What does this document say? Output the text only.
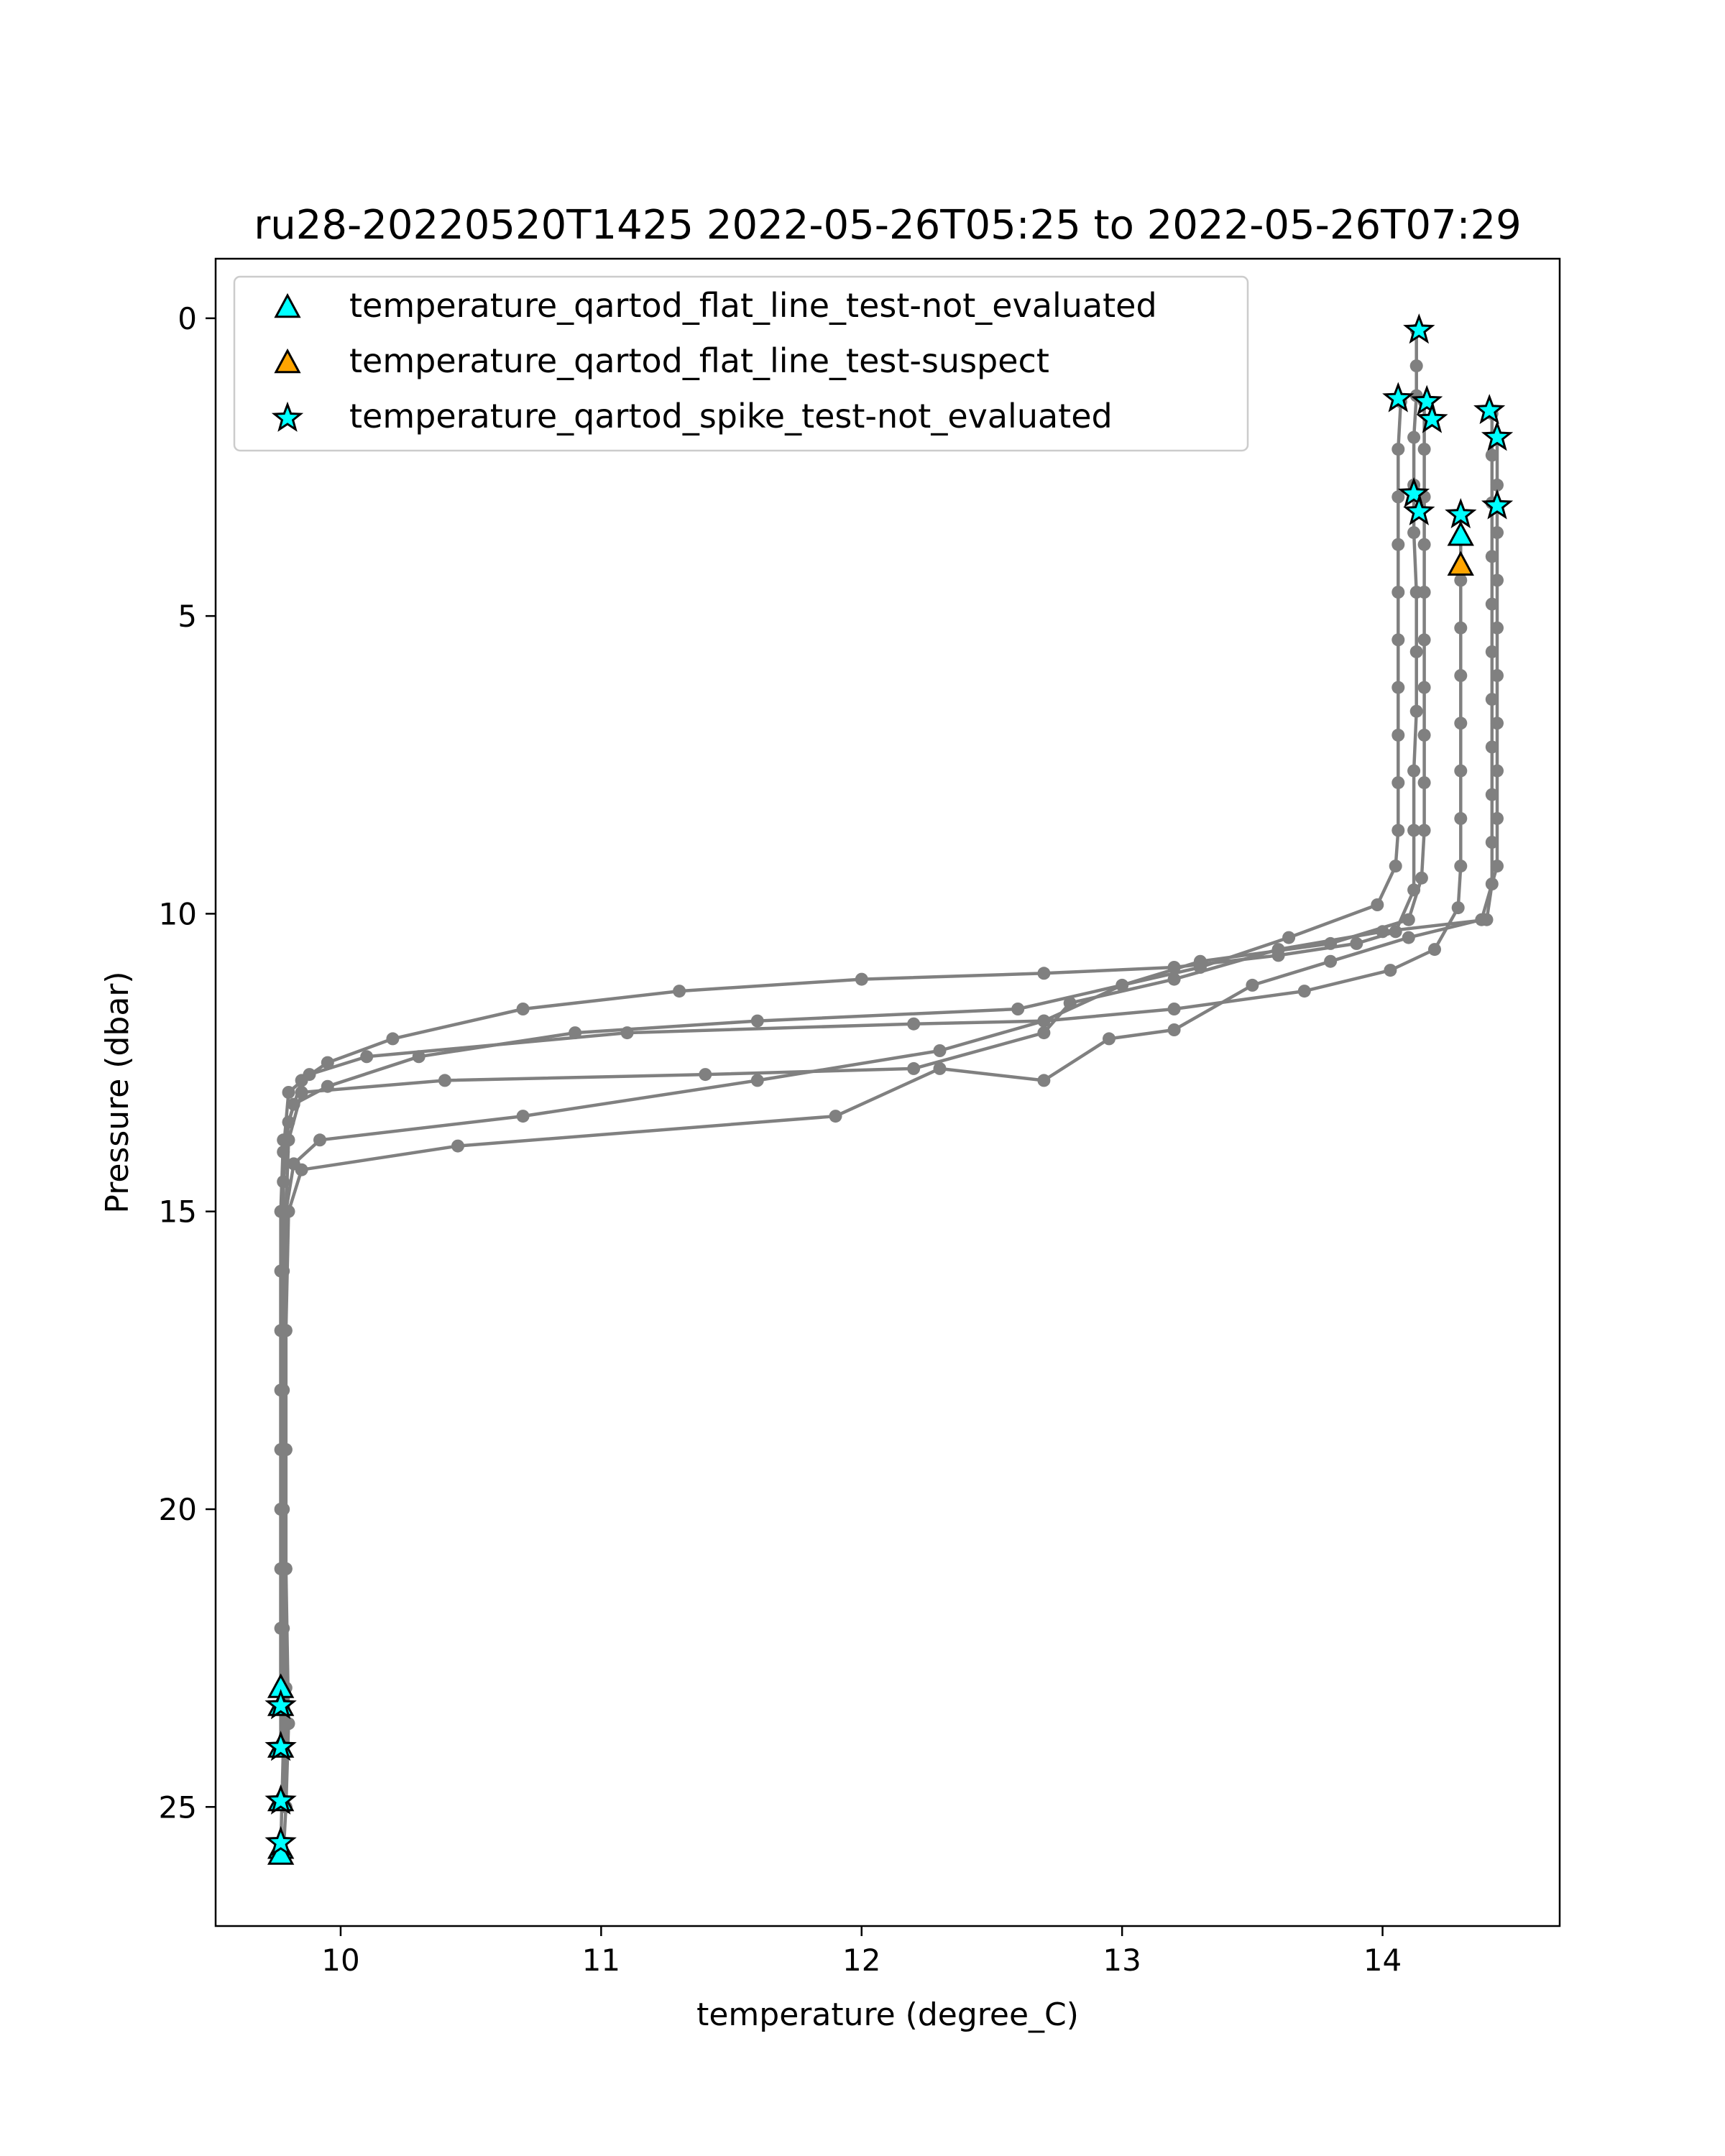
10	11	12	13	14
0
5
10
15
20
25
ru28-20220520T1425 2022-05-26T05:25 to 2022-05-26T07:29
temperature (degree_C)
Pressure (dbar)
temperature_qartod_flat_line_test-not_evaluated
temperature_qartod_flat_line_test-suspect
temperature_qartod_spike_test-not_evaluated
